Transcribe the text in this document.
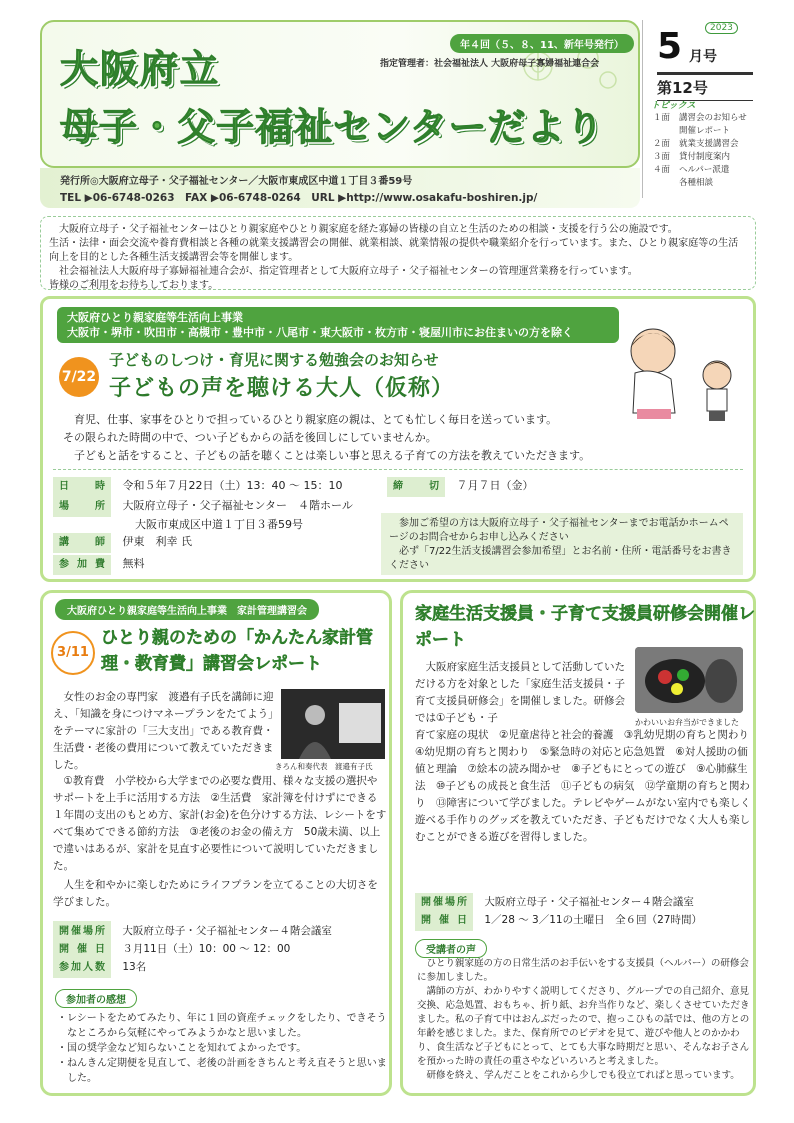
大阪府立
年４回（５、８、11、新年号発行）
指定管理者：社会福祉法人 大阪府母子寡婦福祉連合会
母子・父子福祉センターだより
発行所◎大阪府立母子・父子福祉センター／大阪市東成区中道１丁目３番59号
TEL ▶06-6748-0263　FAX ▶06-6748-0264　URL ▶http://www.osakafu-boshiren.jp/
2023
5 月号
第12号
トピックス
１面 講習会のお知らせ
開催レポート
２面 就業支援講習会
３面 貸付制度案内
４面 ヘルパー派遣
各種相談

　大阪府立母子・父子福祉センターはひとり親家庭やひとり親家庭を経た寡婦の皆様の自立と生活のための相談・支援を行う公の施設です。

生活・法律・面会交流や養育費相談と各種の就業支援講習会の開催、就業相談、就業情報の提供や職業紹介を行っています。また、ひとり親家庭等の生活向上を目的とした各種生活支援講習会等を開催します。

　社会福祉法人大阪府母子寡婦福祉連合会が、指定管理者として大阪府立母子・父子福祉センターの管理運営業務を行っています。

皆様のご利用をお待ちしております。

大阪府ひとり親家庭等生活向上事業
大阪市・堺市・吹田市・高槻市・豊中市・八尾市・東大阪市・枚方市・寝屋川市にお住まいの方を除く
7/22
子どものしつけ・育児に関する勉強会のお知らせ
子どもの声を聴ける大人（仮称）

　育児、仕事、家事をひとりで担っているひとり親家庭の親は、とても忙しく毎日を送っています。

その限られた時間の中で、つい子どもからの話を後回しにしていませんか。

　子どもと話をすること、子どもの話を聴くことは楽しい事と思える子育ての方法を教えていただきます。

日時 令和５年７月22日（土）13：40 ～ 15：10	締切 ７月７日（金）
場所 大阪府立母子・父子福祉センター　４階ホール
大阪市東成区中道１丁目３番59号
講師 伊東　利幸 氏
参加費 無料

　参加ご希望の方は大阪府立母子・父子福祉センターまでお電話かホームページのお問合せからお申し込みください

　必ず「7/22生活支援講習会参加希望」とお名前・住所・電話番号をお書きください

大阪府ひとり親家庭等生活向上事業　家計管理講習会
3/11
ひとり親のための「かんたん家計管理・教育費」講習会レポート
きろん和奏代表　渡邉有子氏

　女性のお金の専門家　渡邉有子氏を講師に迎え、「知識を身につけマネープランをたてよう」をテーマに家計の「三大支出」である教育費・生活費・老後の費用について教えていただきました。

　①教育費　小学校から大学までの必要な費用、様々な支援の選択やサポートを上手に活用する方法　②生活費　家計簿を付けずにできる１年間の支出のもとめ方、家計(お金)を色分けする方法、レシートをすべて集めてできる節約方法　③老後のお金の備え方　50歳未満、以上で違いはあるが、家計を見直す必要性について説明していただきました。

　人生を和やかに楽しむためにライフプランを立てることの大切さを学びました。

開催場所 大阪府立母子・父子福祉センター４階会議室
開催日 ３月11日（土）10：00 ～ 12：00
参加人数 13名
参加者の感想
・レシートをためてみたり、年に１回の資産チェックをしたり、できそうなところから気軽にやってみようかなと思いました。
・国の奨学金など知らないことを知れてよかったです。
・ねんきん定期便を見直して、老後の計画をきちんと考え直そうと思いました。
家庭生活支援員・子育て支援員研修会開催レポート
かわいいお弁当ができました

　大阪府家庭生活支援員として活動していただける方を対象とした「家庭生活支援員・子育て支援員研修会」を開催しました。研修会では①子ども・子

育て家庭の現状　②児童虐待と社会的養護　③乳幼児期の育ちと関わり　④幼児期の育ちと関わり　⑤緊急時の対応と応急処置　⑥対人援助の価値と理論　⑦絵本の読み聞かせ　⑧子どもにとっての遊び　⑨心肺蘇生法　⑩子どもの成長と食生活　⑪子どもの病気　⑫学童期の育ちと関わり　⑬障害について学びました。テレビやゲームがない室内でも楽しく遊べる手作りのグッズを教えていただき、子どもだけでなく大人も楽しむことができる遊びを習得しました。

開催場所 大阪府立母子・父子福祉センター４階会議室
開催日 1／28 ～ 3／11の土曜日　全６回（27時間）
受講者の声

　ひとり親家庭の方の日常生活のお手伝いをする支援員（ヘルパー）の研修会に参加しました。
　講師の方が、わかりやすく説明してくださり、グループでの自己紹介、意見交換、応急処置、おもちゃ、折り紙、お弁当作りなど、楽しくさせていただきました。私の子育て中はおんぶだったので、抱っこひもの話では、他の方との年齢を感じました。また、保育所でのビデオを見て、遊びや他人とのかかわり、食生活など子どもにとって、とても大事な時期だと思い、そんなお子さんを預かった時の責任の重さやなどいろいろと考えました。
　研修を終え、学んだことをこれから少しでも役立てればと思っています。
